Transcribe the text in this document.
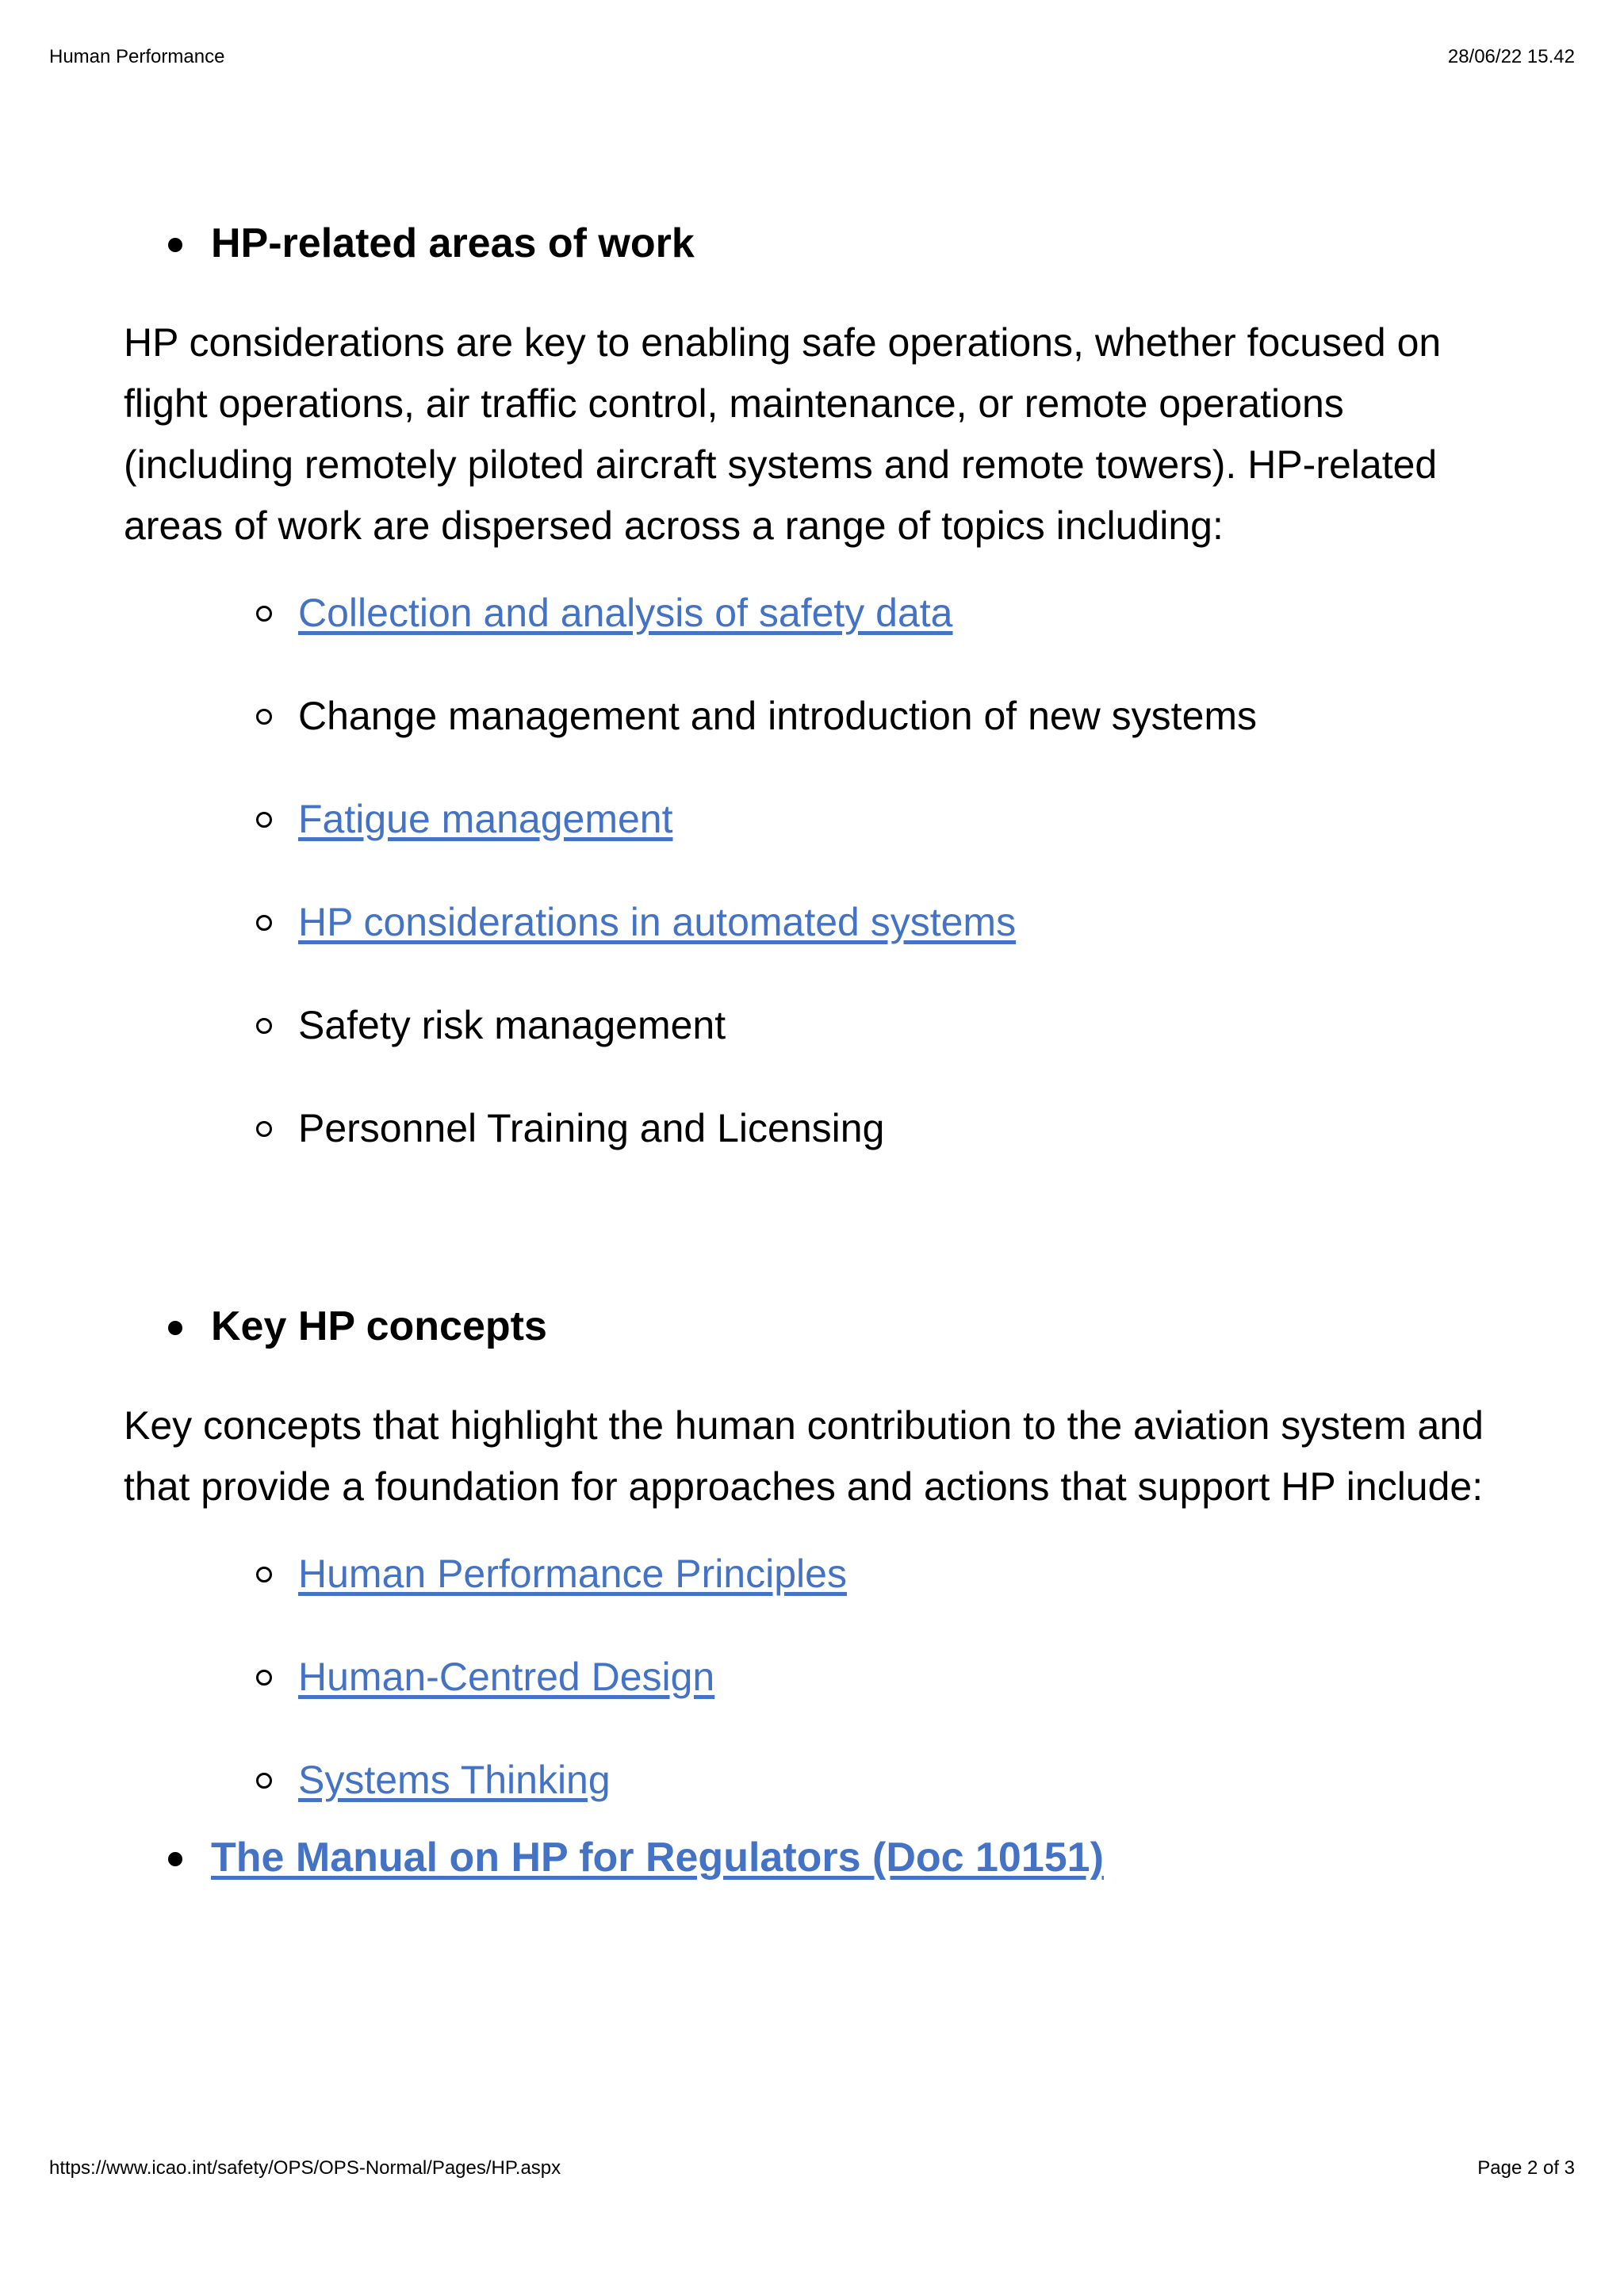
Human Performance	28/06/22 15.42

HP-related areas of work

HP considerations are key to enabling safe operations, whether focused on flight operations, air traffic control, maintenance, or remote operations (including remotely piloted aircraft systems and remote towers). HP-related areas of work are dispersed across a range of topics including:

Collection and analysis of safety data
Change management and introduction of new systems
Fatigue management
HP considerations in automated systems
Safety risk management
Personnel Training and Licensing

Key HP concepts

Key concepts that highlight the human contribution to the aviation system and that provide a foundation for approaches and actions that support HP include:

Human Performance Principles
Human-Centred Design
Systems Thinking

The Manual on HP for Regulators (Doc 10151)

https://www.icao.int/safety/OPS/OPS-Normal/Pages/HP.aspx	Page 2 of 3
